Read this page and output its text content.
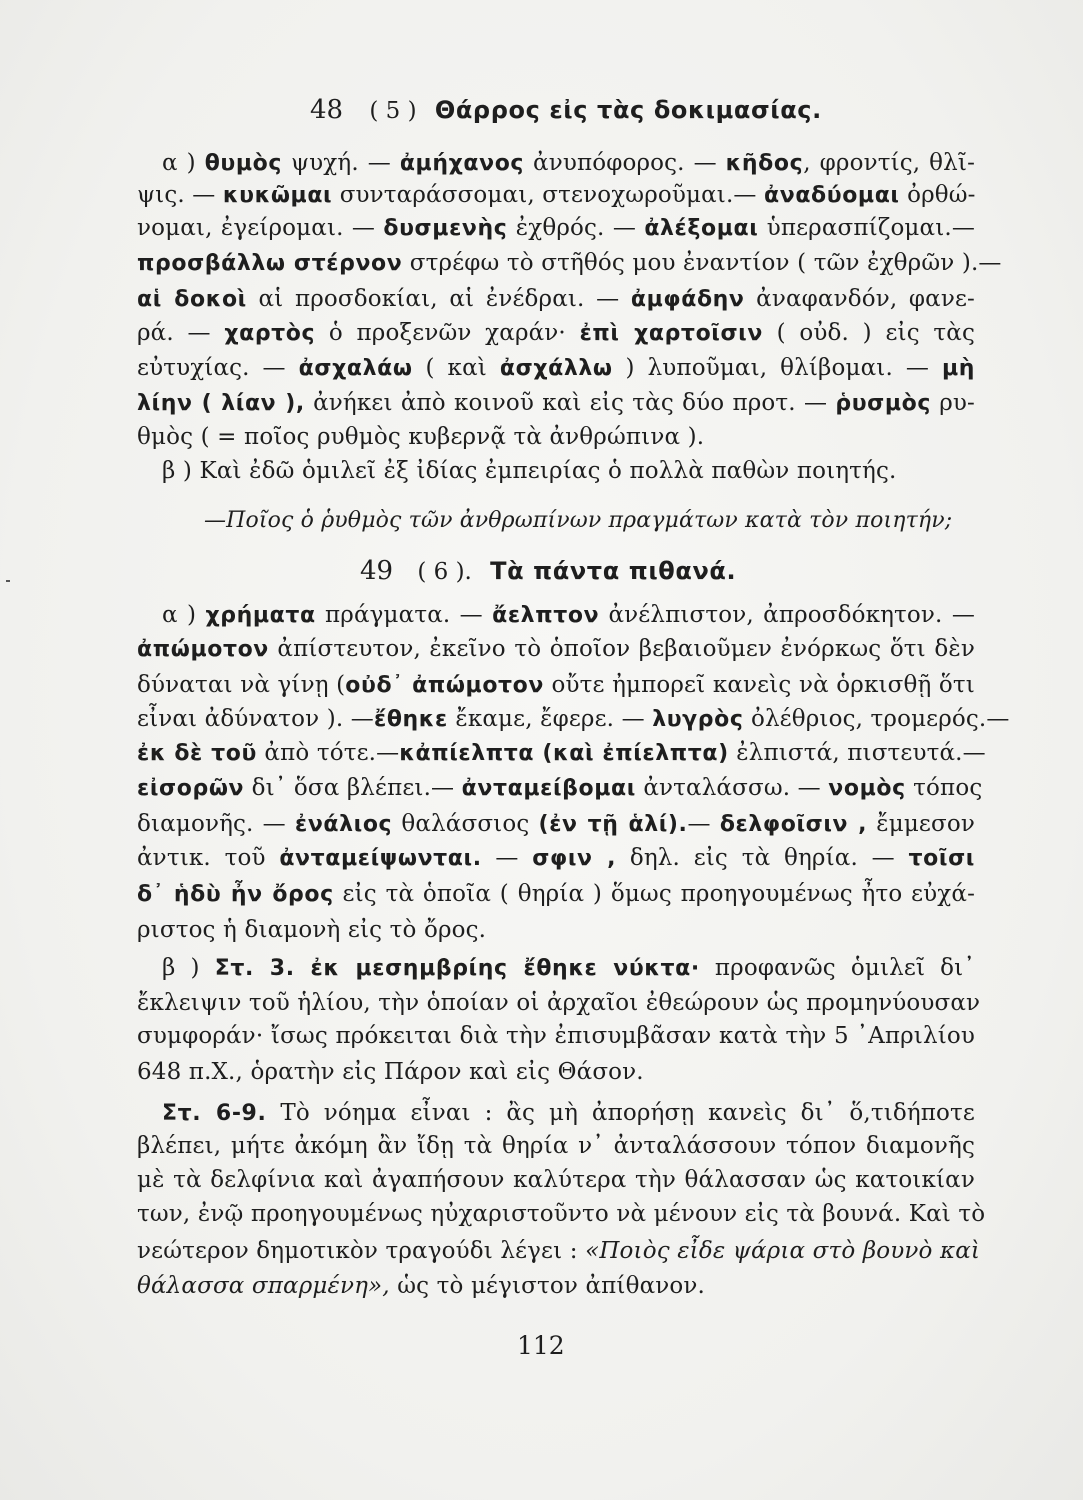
48 ( 5 ) Θάρρος εἰς τὰς δοκιμασίας.
α ) θυμὸς ψυχή. — ἀμήχανος ἀνυπόφορος. — κῆδος, φροντίς, θλῖ-
ψις. — κυκῶμαι συνταράσσομαι, στενοχωροῦμαι.— ἀναδύομαι ὀρθώ-
νομαι, ἐγείρομαι. — δυσμενὴς ἐχθρός. — ἀλέξομαι ὑπερασπίζομαι.—
προσβάλλω στέρνον στρέφω τὸ στῆθός μου ἐναντίον ( τῶν ἐχθρῶν ).—
αἱ δοκοὶ αἱ προσδοκίαι, αἱ ἐνέδραι. — ἀμφάδην ἀναφανδόν, φανε-
ρά. — χαρτὸς ὁ προξενῶν χαράν· ἐπὶ χαρτοῖσιν ( οὐδ. ) εἰς τὰς
εὐτυχίας. — ἀσχαλάω ( καὶ ἀσχάλλω ) λυποῦμαι, θλίβομαι. — μὴ
λίην ( λίαν ), ἀνήκει ἀπὸ κοινοῦ καὶ εἰς τὰς δύο προτ. — ῥυσμὸς ρυ-
θμὸς ( = ποῖος ρυθμὸς κυβερνᾷ τὰ ἀνθρώπινα ).
β ) Καὶ ἐδῶ ὁμιλεῖ ἐξ ἰδίας ἐμπειρίας ὁ πολλὰ παθὼν ποιητής.
—Ποῖος ὁ ῥυθμὸς τῶν ἀνθρωπίνων πραγμάτων κατὰ τὸν ποιητήν;
49 ( 6 ). Τὰ πάντα πιθανά.
α ) χρήματα πράγματα. — ἄελπτον ἀνέλπιστον, ἀπροσδόκητον. —
ἀπώμοτον ἀπίστευτον, ἐκεῖνο τὸ ὁποῖον βεβαιοῦμεν ἐνόρκως ὅτι δὲν
δύναται νὰ γίνῃ (οὐδ᾽ ἀπώμοτον οὔτε ἠμπορεῖ κανεὶς νὰ ὁρκισθῇ ὅτι
εἶναι ἀδύνατον ). —ἔθηκε ἔκαμε, ἔφερε. — λυγρὸς ὀλέθριος, τρομερός.—
ἐκ δὲ τοῦ ἀπὸ τότε.—κἀπίελπτα (καὶ ἐπίελπτα) ἐλπιστά, πιστευτά.—
εἰσορῶν δι᾽ ὅσα βλέπει.— ἀνταμείβομαι ἀνταλάσσω. — νομὸς τόπος
διαμονῆς. — ἐνάλιος θαλάσσιος (ἐν τῇ ἁλί).— δελφοῖσιν , ἔμμεσον
ἀντικ. τοῦ ἀνταμείψωνται. — σφιν , δηλ. εἰς τὰ θηρία. — τοῖσι
δ᾽ ἡδὺ ἦν ὄρος εἰς τὰ ὁποῖα ( θηρία ) ὅμως προηγουμένως ἦτο εὐχά-
ριστος ἡ διαμονὴ εἰς τὸ ὄρος.
β ) Στ. 3. ἐκ μεσημβρίης ἔθηκε νύκτα· προφανῶς ὁμιλεῖ δι᾽
ἔκλειψιν τοῦ ἡλίου, τὴν ὁποίαν οἱ ἀρχαῖοι ἐθεώρουν ὡς προμηνύουσαν
συμφοράν· ἴσως πρόκειται διὰ τὴν ἐπισυμβᾶσαν κατὰ τὴν 5 ᾿Απριλίου
648 π.Χ., ὁρατὴν εἰς Πάρον καὶ εἰς Θάσον.
Στ. 6-9. Τὸ νόημα εἶναι : ἂς μὴ ἀπορήσῃ κανεὶς δι᾽ ὅ,τιδήποτε
βλέπει, μήτε ἀκόμη ἂν ἴδῃ τὰ θηρία ν᾽ ἀνταλάσσουν τόπον διαμονῆς
μὲ τὰ δελφίνια καὶ ἀγαπήσουν καλύτερα τὴν θάλασσαν ὡς κατοικίαν
των, ἐνῷ προηγουμένως ηὐχαριστοῦντο νὰ μένουν εἰς τὰ βουνά. Καὶ τὸ
νεώτερον δημοτικὸν τραγούδι λέγει : «Ποιὸς εἶδε ψάρια στὸ βουνὸ καὶ
θάλασσα σπαρμένη», ὡς τὸ μέγιστον ἀπίθανον.
112
